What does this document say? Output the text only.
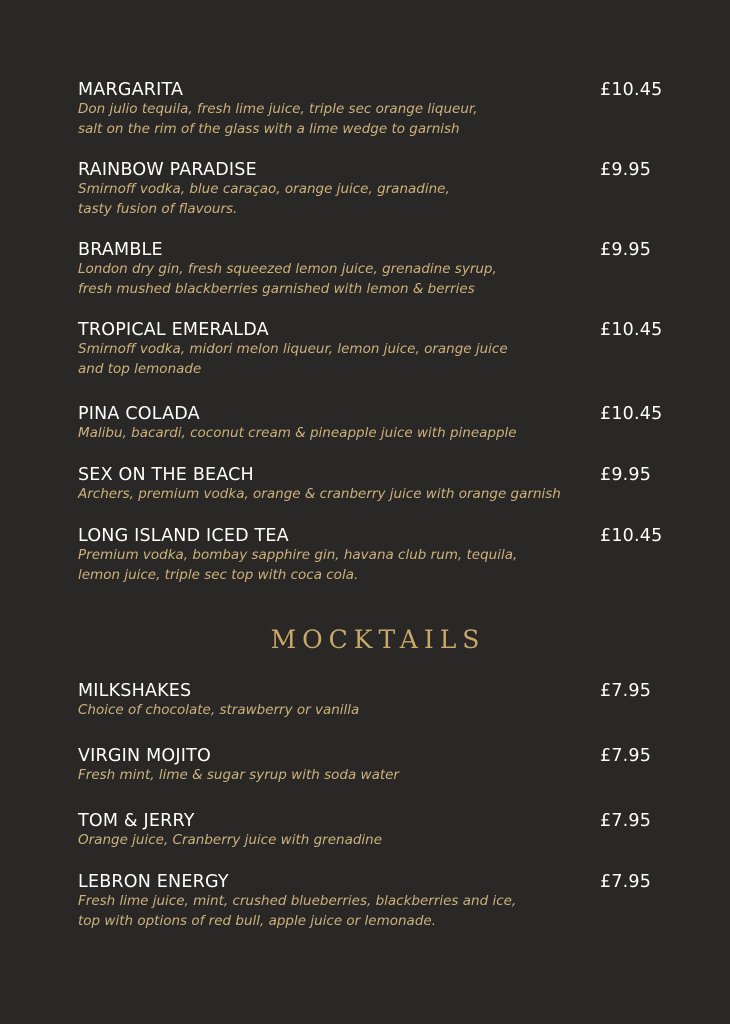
MARGARITA	£10.45
Don julio tequila, fresh lime juice, triple sec orange liqueur,
salt on the rim of the glass with a lime wedge to garnish
RAINBOW PARADISE	£9.95
Smirnoff vodka, blue caraçao, orange juice, granadine,
tasty fusion of flavours.
BRAMBLE	£9.95
London dry gin, fresh squeezed lemon juice, grenadine syrup,
fresh mushed blackberries garnished with lemon & berries
TROPICAL EMERALDA	£10.45
Smirnoff vodka, midori melon liqueur, lemon juice, orange juice
and top lemonade
PINA COLADA	£10.45
Malibu, bacardi, coconut cream & pineapple juice with pineapple
SEX ON THE BEACH	£9.95
Archers, premium vodka, orange & cranberry juice with orange garnish
LONG ISLAND ICED TEA	£10.45
Premium vodka, bombay sapphire gin, havana club rum, tequila,
lemon juice, triple sec top with coca cola.
MOCKTAILS
MILKSHAKES	£7.95
Choice of chocolate, strawberry or vanilla
VIRGIN MOJITO	£7.95
Fresh mint, lime & sugar syrup with soda water
TOM & JERRY	£7.95
Orange juice, Cranberry juice with grenadine
LEBRON ENERGY	£7.95
Fresh lime juice, mint, crushed blueberries, blackberries and ice,
top with options of red bull, apple juice or lemonade.
